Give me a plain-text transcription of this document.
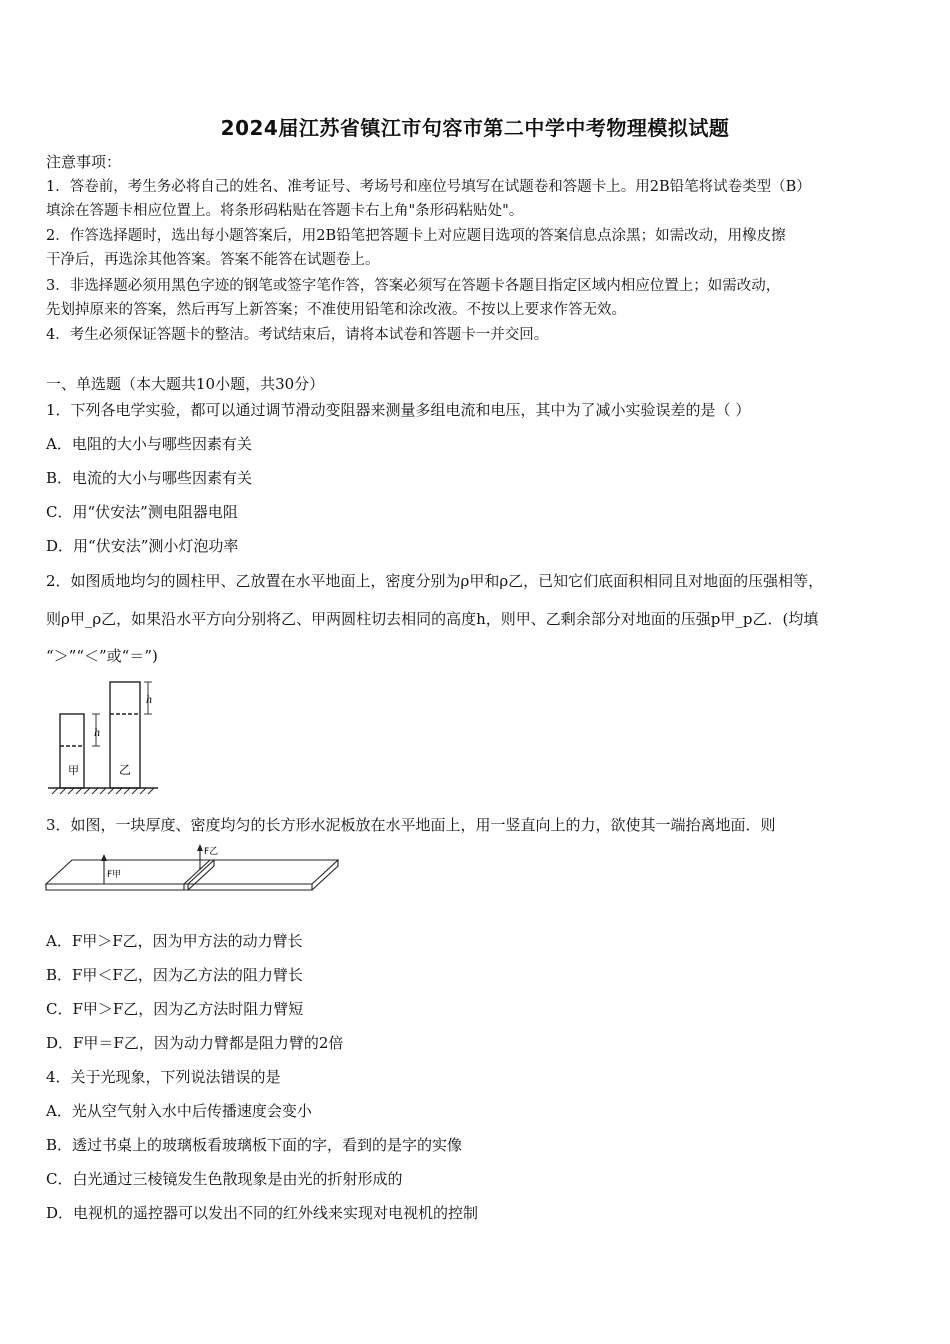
2024届江苏省镇江市句容市第二中学中考物理模拟试题
注意事项：
1．答卷前，考生务必将自己的姓名、准考证号、考场号和座位号填写在试题卷和答题卡上。用2B铅笔将试卷类型（B）
填涂在答题卡相应位置上。将条形码粘贴在答题卡右上角"条形码粘贴处"。
2．作答选择题时，选出每小题答案后，用2B铅笔把答题卡上对应题目选项的答案信息点涂黑；如需改动，用橡皮擦
干净后，再选涂其他答案。答案不能答在试题卷上。
3．非选择题必须用黑色字迹的钢笔或签字笔作答，答案必须写在答题卡各题目指定区域内相应位置上；如需改动，
先划掉原来的答案，然后再写上新答案；不准使用铅笔和涂改液。不按以上要求作答无效。
4．考生必须保证答题卡的整洁。考试结束后，请将本试卷和答题卡一并交回。
一、单选题（本大题共10小题，共30分）
1．下列各电学实验，都可以通过调节滑动变阻器来测量多组电流和电压，其中为了减小实验误差的是（ ）
A．电阻的大小与哪些因素有关
B．电流的大小与哪些因素有关
C．用“伏安法”测电阻器电阻
D．用“伏安法”测小灯泡功率
2．如图质地均匀的圆柱甲、乙放置在水平地面上，密度分别为ρ甲和ρ乙，已知它们底面积相同且对地面的压强相等，
则ρ甲_ρ乙，如果沿水平方向分别将乙、甲两圆柱切去相同的高度h，则甲、乙剩余部分对地面的压强p甲_p乙．(均填
“＞”“＜”或“＝”)
甲	乙
h
h
3．如图，一块厚度、密度均匀的长方形水泥板放在水平地面上，用一竖直向上的力，欲使其一端抬离地面．则
F乙
F甲
A．F甲＞F乙，因为甲方法的动力臂长
B．F甲＜F乙，因为乙方法的阻力臂长
C．F甲＞F乙，因为乙方法时阻力臂短
D．F甲＝F乙，因为动力臂都是阻力臂的2倍
4．关于光现象，下列说法错误的是
A．光从空气射入水中后传播速度会变小
B．透过书桌上的玻璃板看玻璃板下面的字，看到的是字的实像
C．白光通过三棱镜发生色散现象是由光的折射形成的
D．电视机的遥控器可以发出不同的红外线来实现对电视机的控制
